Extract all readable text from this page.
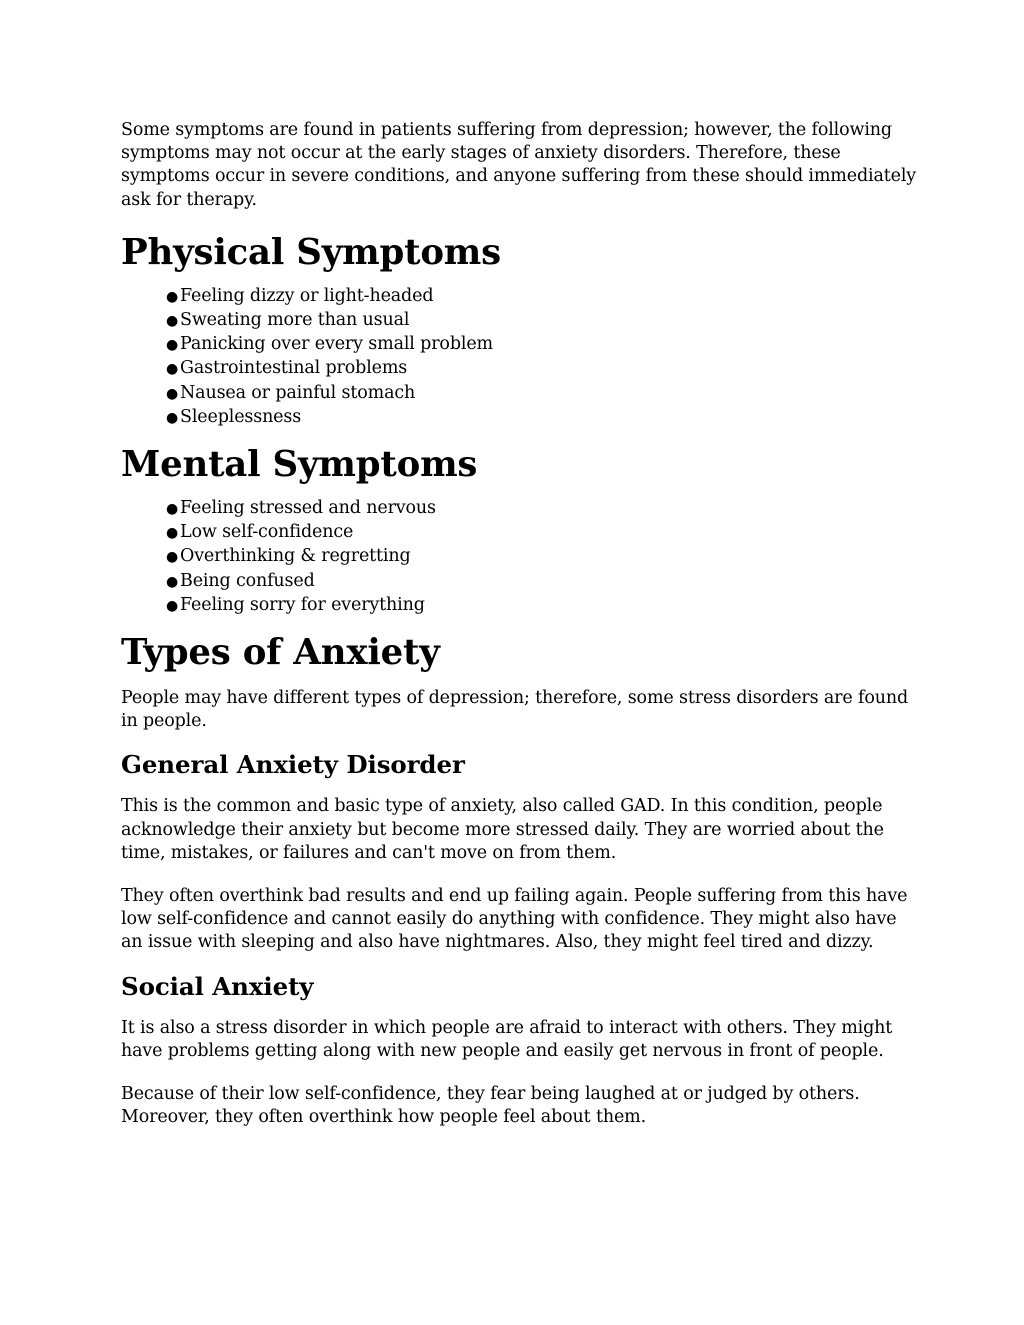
Some symptoms are found in patients suffering from depression; however, the following symptoms may not occur at the early stages of anxiety disorders. Therefore, these symptoms occur in severe conditions, and anyone suffering from these should immediately ask for therapy.

Physical Symptoms
● Feeling dizzy or light-headed
● Sweating more than usual
● Panicking over every small problem
● Gastrointestinal problems
● Nausea or painful stomach
● Sleeplessness
Mental Symptoms
● Feeling stressed and nervous
● Low self-confidence
● Overthinking & regretting
● Being confused
● Feeling sorry for everything
Types of Anxiety

People may have different types of depression; therefore, some stress disorders are found in people.

General Anxiety Disorder

This is the common and basic type of anxiety, also called GAD. In this condition, people acknowledge their anxiety but become more stressed daily. They are worried about the time, mistakes, or failures and can't move on from them.

They often overthink bad results and end up failing again. People suffering from this have low self-confidence and cannot easily do anything with confidence. They might also have an issue with sleeping and also have nightmares. Also, they might feel tired and dizzy.

Social Anxiety

It is also a stress disorder in which people are afraid to interact with others. They might have problems getting along with new people and easily get nervous in front of people.

Because of their low self-confidence, they fear being laughed at or judged by others. Moreover, they often overthink how people feel about them.
